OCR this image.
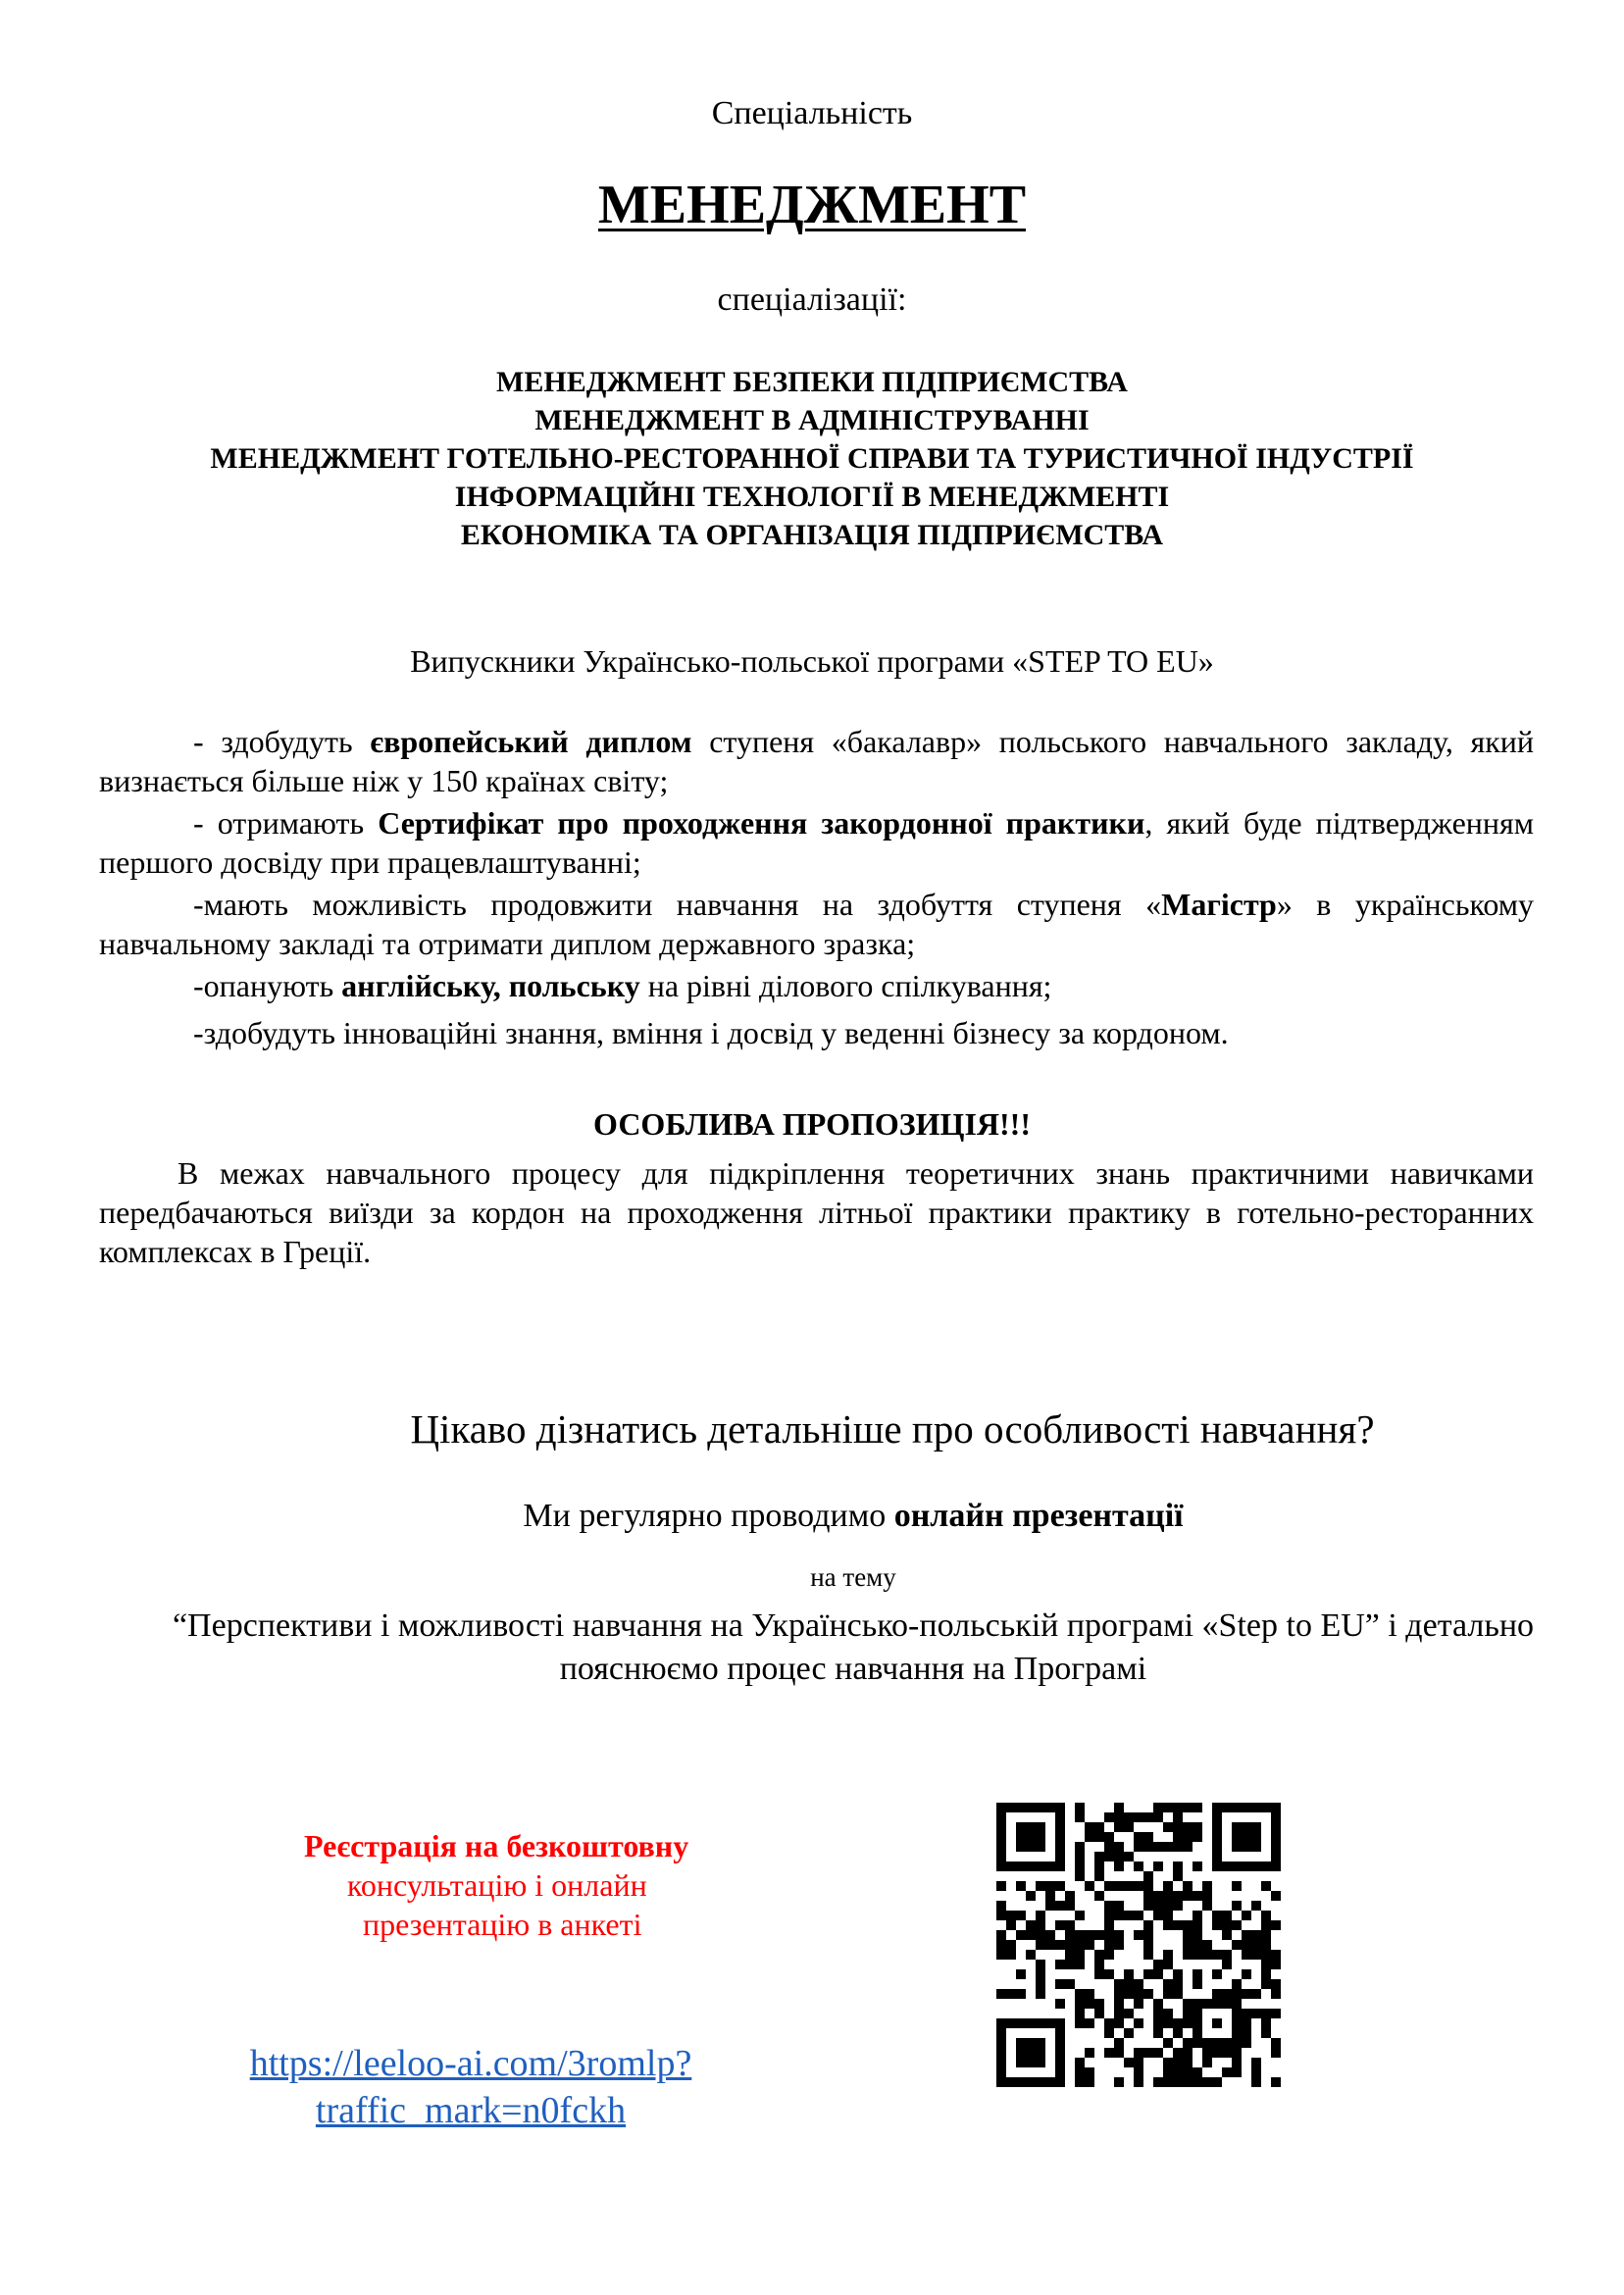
Спеціальність
МЕНЕДЖМЕНТ
спеціалізації:
МЕНЕДЖМЕНТ БЕЗПЕКИ ПІДПРИЄМСТВА
МЕНЕДЖМЕНТ В АДМІНІСТРУВАННІ
МЕНЕДЖМЕНТ ГОТЕЛЬНО-РЕСТОРАННОЇ СПРАВИ ТА ТУРИСТИЧНОЇ ІНДУСТРІЇ
ІНФОРМАЦІЙНІ ТЕХНОЛОГІЇ В МЕНЕДЖМЕНТІ
ЕКОНОМІКА ТА ОРГАНІЗАЦІЯ ПІДПРИЄМСТВА
Випускники Українсько-польської програми «STEP TO EU»
- здобудуть європейський диплом ступеня «бакалавр» польського навчального закладу, який визнається більше ніж у 150 країнах світу;
- отримають Сертифікат про проходження закордонної практики, який буде підтвердженням першого досвіду при працевлаштуванні;
-мають можливість продовжити навчання на здобуття ступеня «Магістр» в українському навчальному закладі та отримати диплом державного зразка;
-опанують англійську, польську на рівні ділового спілкування;
-здобудуть інноваційні знання, вміння і досвід у веденні бізнесу за кордоном.
ОСОБЛИВА ПРОПОЗИЦІЯ!!!
В межах навчального процесу для підкріплення теоретичних знань практичними навичками передбачаються виїзди за кордон на проходження літньої практики практику в готельно-ресторанних комплексах в Греції.
Цікаво дізнатись детальніше про особливості навчання?
Ми регулярно проводимо онлайн презентації
на тему
“Перспективи і можливості навчання на Українсько-польській програмі «Step to EU” і детально пояснюємо процес навчання на Програмі
Реєстрація на безкоштовну
консультацію і онлайн
презентацію в анкеті
https://leeloo-ai.com/3romlp?traffic_mark=n0fckh
